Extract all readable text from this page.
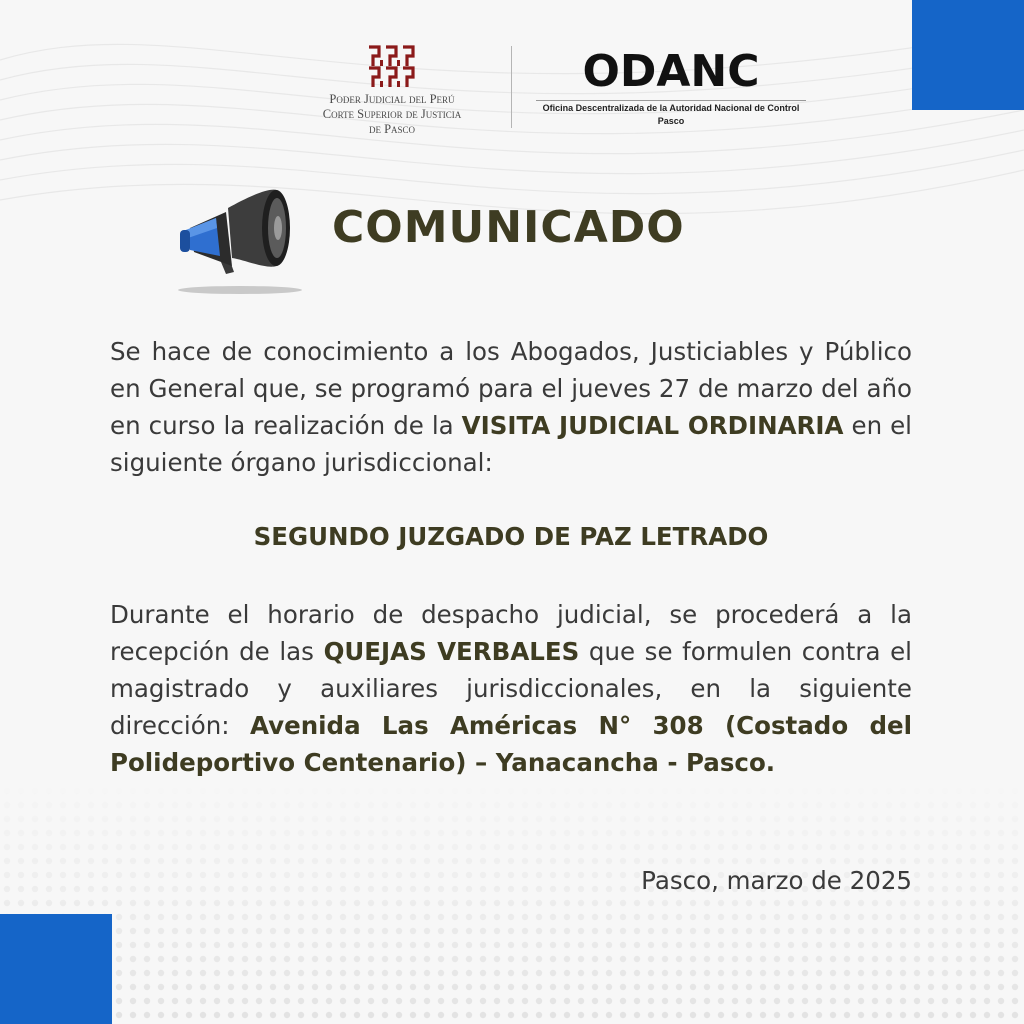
Poder Judicial del Perú
Corte Superior de Justicia
de Pasco
ODANC
Oficina Descentralizada de la Autoridad Nacional de Control
Pasco
COMUNICADO
Se hace de conocimiento a los Abogados, Justiciables y Público en General que, se programó para el jueves 27 de marzo del año en curso la realización de la VISITA JUDICIAL ORDINARIA en el siguiente órgano jurisdiccional:
SEGUNDO JUZGADO DE PAZ LETRADO
Durante el horario de despacho judicial, se procederá a la recepción de las QUEJAS VERBALES que se formulen contra el magistrado y auxiliares jurisdiccionales, en la siguiente dirección: Avenida Las Américas N° 308 (Costado del Polideportivo Centenario) – Yanacancha - Pasco.
Pasco, marzo de 2025
